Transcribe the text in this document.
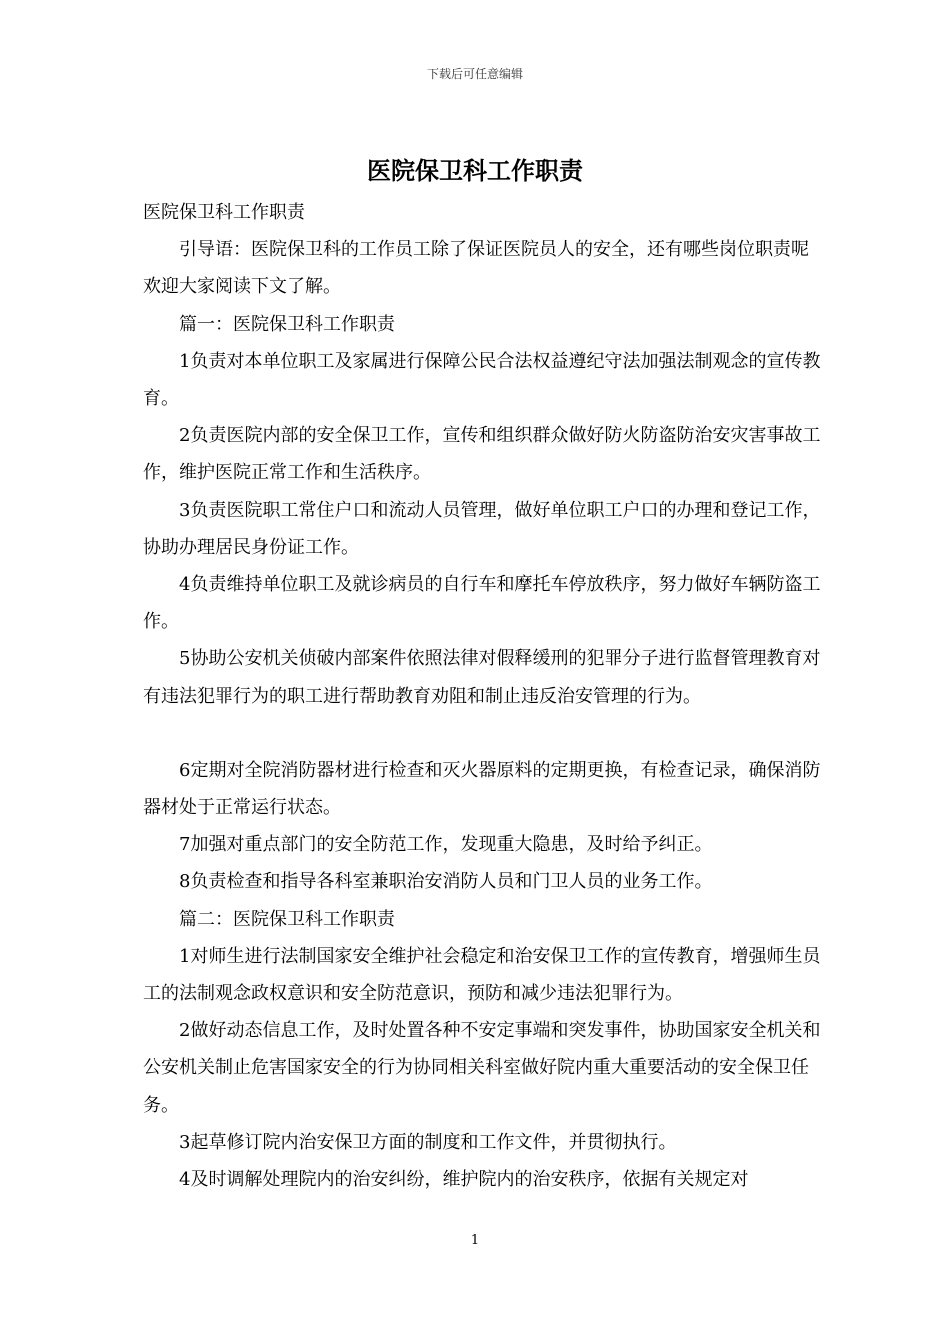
下载后可任意编辑
医院保卫科工作职责

医院保卫科工作职责

引导语：医院保卫科的工作员工除了保证医院员人的安全，还有哪些岗位职责呢欢迎大家阅读下文了解。

篇一：医院保卫科工作职责

1负责对本单位职工及家属进行保障公民合法权益遵纪守法加强法制观念的宣传教育。

2负责医院内部的安全保卫工作，宣传和组织群众做好防火防盗防治安灾害事故工作，维护医院正常工作和生活秩序。

3负责医院职工常住户口和流动人员管理，做好单位职工户口的办理和登记工作，协助办理居民身份证工作。

4负责维持单位职工及就诊病员的自行车和摩托车停放秩序，努力做好车辆防盗工作。

5协助公安机关侦破内部案件依照法律对假释缓刑的犯罪分子进行监督管理教育对有违法犯罪行为的职工进行帮助教育劝阻和制止违反治安管理的行为。

6定期对全院消防器材进行检查和灭火器原料的定期更换，有检查记录，确保消防器材处于正常运行状态。

7加强对重点部门的安全防范工作，发现重大隐患，及时给予纠正。

8负责检查和指导各科室兼职治安消防人员和门卫人员的业务工作。

篇二：医院保卫科工作职责

1对师生进行法制国家安全维护社会稳定和治安保卫工作的宣传教育，增强师生员工的法制观念政权意识和安全防范意识，预防和减少违法犯罪行为。

2做好动态信息工作，及时处置各种不安定事端和突发事件，协助国家安全机关和公安机关制止危害国家安全的行为协同相关科室做好院内重大重要活动的安全保卫任务。

3起草修订院内治安保卫方面的制度和工作文件，并贯彻执行。

4及时调解处理院内的治安纠纷，维护院内的治安秩序，依据有关规定对

1
